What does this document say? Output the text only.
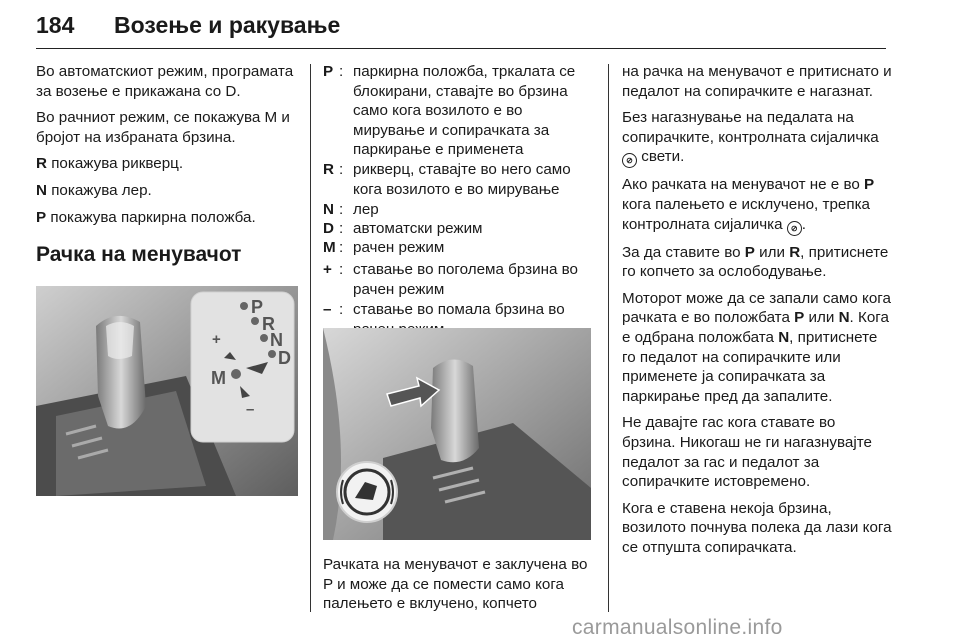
184 Возење и ракување

Во автоматскиот режим, програмата за возење е прикажана со D.

Во рачниот режим, се покажува M и бројот на избраната брзина.

R покажува рикверц.

N покажува лер.

P покажува паркирна положба.

Рачка на менувачот
P
R
N
D
M
+
–
P : паркирна положба, тркалата се блокирани, ставајте во брзина само кога возилото е во мирување и сопирачката за паркирање е применета
R : рикверц, ставајте во него само кога возилото е во мирување
N : лер
D : автоматски режим
M : рачен режим
+ : ставање во поголема брзина во рачен режим
– : ставање во помала брзина во

Рачката на менувачот е заклучена во P и може да се помести само кога палењето е вклучено, копчето

на рачка на менувачот е притиснато и педалот на сопирачките е нагазнат.

Без нагазнување на педалата на сопирачките, контролната сијаличка ⊘ свети.

Ако рачката на менувачот не е во P кога палењето е исклучено, трепка контролната сијаличка ⊘ .

За да ставите во P или R, притиснете го копчето за ослободување.

Моторот може да се запали само кога рачката е во положбата P или N. Кога е одбрана положбата N, притиснете го педалот на сопирачките или применете ја сопирачката за паркирање пред да запалите.

Не давајте гас кога ставате во брзина. Никогаш не ги нагазнувајте педалот за гас и педалот за сопирачките истовремено.

Кога е ставена некоја брзина, возилото почнува полека да лази кога се отпушта сопирачката.

carmanualsonline.info
